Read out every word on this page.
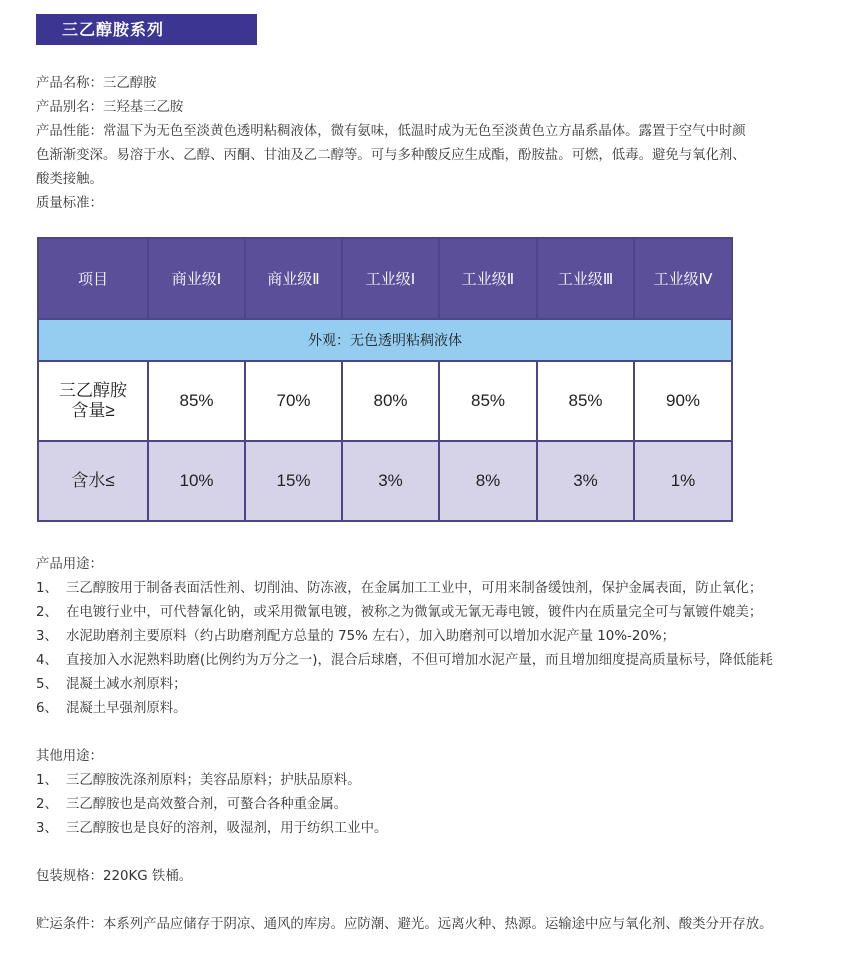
三乙醇胺系列

产品名称：三乙醇胺

产品别名：三羟基三乙胺

产品性能：常温下为无色至淡黄色透明粘稠液体，微有氨味，低温时成为无色至淡黄色立方晶系晶体。露置于空气中时颜

色渐渐变深。易溶于水、乙醇、丙酮、甘油及乙二醇等。可与多种酸反应生成酯，酚胺盐。可燃，低毒。避免与氧化剂、

酸类接触。

质量标准：

项目	商业级Ⅰ	商业级Ⅱ	工业级Ⅰ	工业级Ⅱ	工业级Ⅲ	工业级Ⅳ
外观：无色透明粘稠液体						

三乙醇胺
含量≥	85%	70%	80%	85%	85%	90%
含水≤	10%	15%	3%	8%	3%	1%

产品用途：

1、 三乙醇胺用于制备表面活性剂、切削油、防冻液，在金属加工工业中，可用来制备缓蚀剂，保护金属表面，防止氧化；

2、 在电镀行业中，可代替氰化钠，或采用微氰电镀，被称之为微氰或无氰无毒电镀，镀件内在质量完全可与氰镀件媲美；

3、 水泥助磨剂主要原料（约占助磨剂配方总量的 75% 左右），加入助磨剂可以增加水泥产量 10%-20%；

4、 直接加入水泥熟料助磨(比例约为万分之一)，混合后球磨，不但可增加水泥产量，而且增加细度提高质量标号，降低能耗

5、 混凝土减水剂原料；

6、 混凝土早强剂原料。

其他用途：

1、 三乙醇胺洗涤剂原料；美容品原料；护肤品原料。

2、 三乙醇胺也是高效螯合剂，可螯合各种重金属。

3、 三乙醇胺也是良好的溶剂，吸湿剂，用于纺织工业中。

包装规格：220KG 铁桶。

贮运条件：本系列产品应储存于阴凉、通风的库房。应防潮、避光。远离火种、热源。运输途中应与氧化剂、酸类分开存放。
